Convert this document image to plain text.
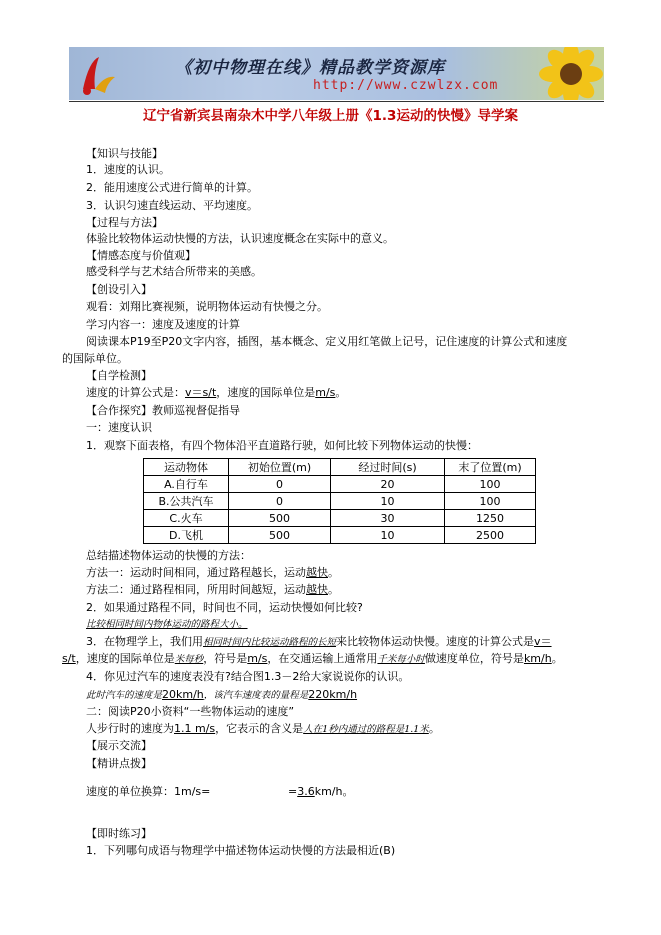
《初中物理在线》精品教学资源库
http://www.czwlzx.com
辽宁省新宾县南杂木中学八年级上册《1.3运动的快慢》导学案
【知识与技能】
1．速度的认识。
2．能用速度公式进行简单的计算。
3．认识匀速直线运动、平均速度。
【过程与方法】
体验比较物体运动快慢的方法，认识速度概念在实际中的意义。
【情感态度与价值观】
感受科学与艺术结合所带来的美感。
【创设引入】
观看：刘翔比赛视频，说明物体运动有快慢之分。
学习内容一：速度及速度的计算
阅读课本P19至P20文字内容，插图，基本概念、定义用红笔做上记号，记住速度的计算公式和速度
的国际单位。
【自学检测】
速度的计算公式是：v＝s/t，速度的国际单位是m/s。
【合作探究】教师巡视督促指导
一：速度认识
1．观察下面表格，有四个物体沿平直道路行驶，如何比较下列物体运动的快慢：
运动物体	初始位置(m)	经过时间(s)	末了位置(m)
A.自行车	0	20	100
B.公共汽车	0	10	100
C.火车	500	30	1250
D.飞机	500	10	2500
总结描述物体运动的快慢的方法：
方法一：运动时间相同，通过路程越长，运动越快。
方法二：通过路程相同，所用时间越短，运动越快。
2．如果通过路程不同，时间也不同，运动快慢如何比较?
比较相同时间内物体运动的路程大小。
3．在物理学上，我们用相同时间内比较运动路程的长短来比较物体运动快慢。速度的计算公式是v＝
s/t，速度的国际单位是米每秒，符号是m/s，在交通运输上通常用千米每小时做速度单位，符号是km/h。
4．你见过汽车的速度表没有?结合图1.3－2给大家说说你的认识。
此时汽车的速度是20km/h，该汽车速度表的量程是220km/h
二：阅读P20小资料“一些物体运动的速度”
人步行时的速度为1.1 m/s，它表示的含义是人在1秒内通过的路程是1.1米。
【展示交流】
【精讲点拨】
速度的单位换算：1m/s=	=3.6km/h。
【即时练习】
1．下列哪句成语与物理学中描述物体运动快慢的方法最相近(B)
